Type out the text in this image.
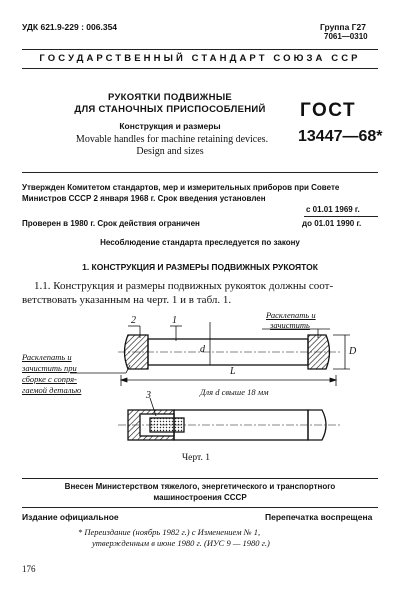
УДК 621.9-229 : 006.354	Группа Г27
7061—0310
ГОСУДАРСТВЕННЫЙ СТАНДАРТ СОЮЗА ССР
РУКОЯТКИ ПОДВИЖНЫЕ
ДЛЯ СТАНОЧНЫХ ПРИСПОСОБЛЕНИЙ
Конструкция и размеры
Movable handles for machine retaining devices.
Design and sizes
ГОСТ
13447—68*
Утвержден Комитетом стандартов, мер и измерительных приборов при Совете
Министров СССР 2 января 1968 г. Срок введения установлен
с 01.01 1969 г.
Проверен в 1980 г. Срок действия ограничен	до 01.01 1990 г.
Несоблюдение стандарта преследуется по закону
1. КОНСТРУКЦИЯ И РАЗМЕРЫ ПОДВИЖНЫХ РУКОЯТОК
1.1. Конструкция и размеры подвижных рукояток должны соот-
ветствовать указанным на черт. 1 и в табл. 1.
2	1
d	D
L
3
Расклепать и
зачистить
Расклепать и
зачистить при
сборке с сопря-
гаемой деталью	Для d свыше 18 мм
Черт. 1
Внесен Министерством тяжелого, энергетического и транспортного
машиностроения СССР
Издание официальное	Перепечатка воспрещена
* Переиздание (ноябрь 1982 г.) с Изменением № 1,
утвержденным в июне 1980 г. (ИУС 9 — 1980 г.)
176
